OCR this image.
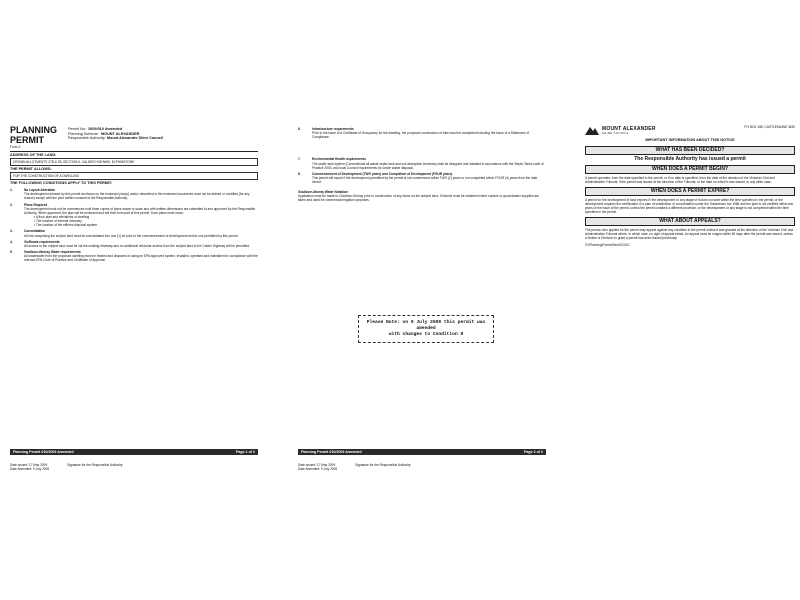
PLANNING PERMIT
Form 4
Permit No: 2009/010 Amended
Planning Scheme: MOUNT ALEXANDER
Responsible Authority: Mount Alexander Shire Council
ADDRESS OF THE LAND:
CROWN ALLOTMENTS 27B & 28, SECTION 6, CALDER HIGHWAY, ELPHINSTONE
THE PERMIT ALLOWS:
FOR THE CONSTRUCTION OF A DWELLING
THE FOLLOWING CONDITIONS APPLY TO THIS PERMIT:
1.	No Layout Alteration
The development allowed by this permit as shown on the endorsed plan(s) and/or described in the endorsed documents must not be altered or modified (for any reason) except with the prior written consent of the Responsible Authority.
2.	Plans Required
The development must not be commenced until three copies of plans drawn to scale and with written dimensions are submitted to and approved by the Responsible Authority. When approved, the plan will be endorsed and will then form part of this permit. Such plans must show:
• A floor plan and elevations of dwelling
• The location of internal driveway
• The location of the effluent disposal system.
3.	Consolidation
All lots comprising the subject land must be consolidated into one (1) lot prior to the commencement of development and/or use permitted by this permit.
4.	VicRoads requirements
All access to the subject land must be via the existing driveway and no additional vehicular access from the subject land to the Calder Highway will be permitted.
5.	Goulburn-Murray Water requirements
All wastewater from the proposed dwelling must be treated and disposed of using an EPA approved system, installed, operated and maintained in compliance with the relevant EPA Code of Practice and Certificate of Approval.
Planning Permit 010/2009 Amended	Page 1 of 2
Date Issued: 17 May 2009
Date Amended: 9 July 2009
Signature for the Responsible Authority
6.	Infrastructure requirements
Prior to the issue of a Certificate of Occupancy for the dwelling, the proposed construction of bike must be completed including the issue of a Statement of Compliance.
7.	Environmental Health requirements
The septic tank system (Conventional all waste septic tank and soil absorption trenches) shall be designed and installed in accordance with the Septic Tanks code of Practice 2003, and local Council requirements for onsite waste disposal.
8.	Commencement of Development (TWO years) and Completion of Development (FOUR years)
This permit will expire if the development permitted by the permit is not commenced within TWO (2) years or not completed within FOUR (4) years from the date hereof.
Goulburn-Murray Water Notation:
Application must be made to Goulburn-Murray prior to construction of any dams on the subject land. A licence must be obtained where surface or groundwater supplies are taken and used for commercial irrigation purposes.
Please Note: on 9 July 2009 this permit was amended
with changes to Condition 8
Planning Permit 010/2009 Amended	Page 2 of 2
Date Issued: 17 May 2009
Date Amended: 9 July 2009
Signature for the Responsible Authority
MOUNT ALEXANDER
SHIRE COUNCIL
PO BOX 185, CASTLEMAINE 3450
IMPORTANT INFORMATION ABOUT THIS NOTICE
WHAT HAS BEEN DECIDED?
The Responsible Authority has issued a permit
WHEN DOES A PERMIT BEGIN?
A permit operates: from the date specified in the permit; or if no date is specified, from the date of the decision of the Victorian Civil and Administrative Tribunal, if the permit was issued at the direction of the Tribunal; or the date on which it was issued, in any other case.
WHEN DOES A PERMIT EXPIRE?
A permit for the development of land expires if: the development or any stage of it does not start within the time specified in the permit; or the development requires the certification of a plan of subdivision or consolidation under the Subdivision Act 1988 and the plan is not certified within two years of the issue of the permit, unless the permit contains a different provision; or the development or any stage is not completed within the time specified in the permit.
WHAT ABOUT APPEALS?
The person who applied for the permit may appeal against any condition in the permit unless it was granted at the direction of the Victorian Civil and Administrative Tribunal where, in which case, no right of appeal exists. An appeal must be lodged within 60 days after the permit was issued, unless a Notice of Decision to grant a permit has been issued previously.
G:\Planning\Forms\Rev09.DOC
